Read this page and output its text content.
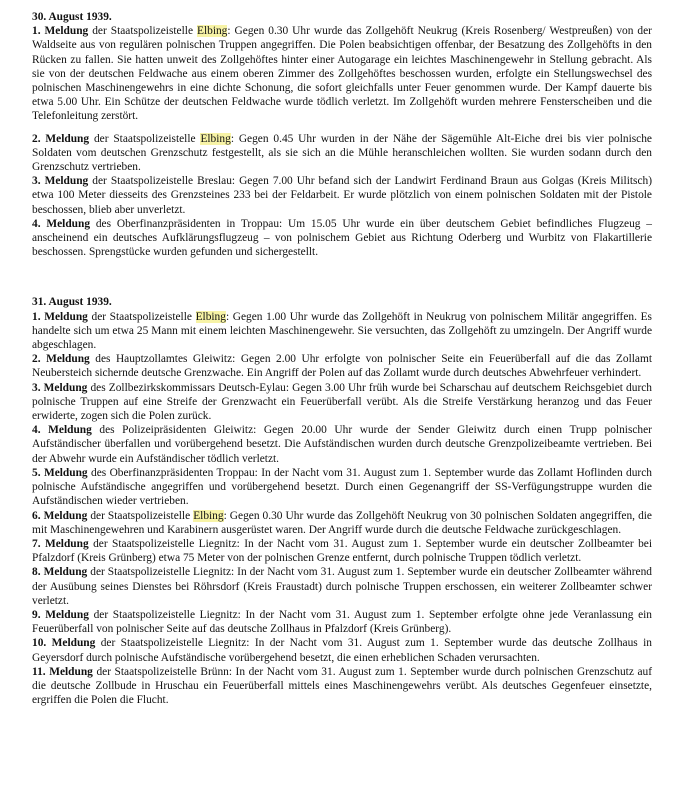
30. August 1939.

1. Meldung der Staatspolizeistelle Elbing: Gegen 0.30 Uhr wurde das Zollgehöft Neukrug (Kreis Rosenberg/ Westpreußen) von der Waldseite aus von regulären polnischen Truppen angegriffen. Die Polen beabsichtigen offenbar, der Besatzung des Zollgehöfts in den Rücken zu fallen. Sie hatten unweit des Zollgehöftes hinter einer Autogarage ein leichtes Maschinengewehr in Stellung gebracht. Als sie von der deutschen Feldwache aus einem oberen Zimmer des Zollgehöftes beschossen wurden, erfolgte ein Stellungswechsel des polnischen Maschinengewehrs in eine dichte Schonung, die sofort gleichfalls unter Feuer genommen wurde. Der Kampf dauerte bis etwa 5.00 Uhr. Ein Schütze der deutschen Feldwache wurde tödlich verletzt. Im Zollgehöft wurden mehrere Fensterscheiben und die Telefonleitung zerstört.

2. Meldung der Staatspolizeistelle Elbing: Gegen 0.45 Uhr wurden in der Nähe der Sägemühle Alt-Eiche drei bis vier polnische Soldaten vom deutschen Grenzschutz festgestellt, als sie sich an die Mühle heranschleichen wollten. Sie wurden sodann durch den Grenzschutz vertrieben.

3. Meldung der Staatspolizeistelle Breslau: Gegen 7.00 Uhr befand sich der Landwirt Ferdinand Braun aus Golgas (Kreis Militsch) etwa 100 Meter diesseits des Grenzsteines 233 bei der Feldarbeit. Er wurde plötzlich von einem polnischen Soldaten mit der Pistole beschossen, blieb aber unverletzt.

4. Meldung des Oberfinanzpräsidenten in Troppau: Um 15.05 Uhr wurde ein über deutschem Gebiet befindliches Flugzeug – anscheinend ein deutsches Aufklärungsflugzeug – von polnischem Gebiet aus Richtung Oderberg und Wurbitz von Flakartillerie beschossen. Sprengstücke wurden gefunden und sichergestellt.

31. August 1939.

1. Meldung der Staatspolizeistelle Elbing: Gegen 1.00 Uhr wurde das Zollgehöft in Neukrug von polnischem Militär angegriffen. Es handelte sich um etwa 25 Mann mit einem leichten Maschinengewehr. Sie versuchten, das Zollgehöft zu umzingeln. Der Angriff wurde abgeschlagen.

2. Meldung des Hauptzollamtes Gleiwitz: Gegen 2.00 Uhr erfolgte von polnischer Seite ein Feuerüberfall auf die das Zollamt Neubersteich sichernde deutsche Grenzwache. Ein Angriff der Polen auf das Zollamt wurde durch deutsches Abwehrfeuer verhindert.

3. Meldung des Zollbezirkskommissars Deutsch-Eylau: Gegen 3.00 Uhr früh wurde bei Scharschau auf deutschem Reichsgebiet durch polnische Truppen auf eine Streife der Grenzwacht ein Feuerüberfall verübt. Als die Streife Verstärkung heranzog und das Feuer erwiderte, zogen sich die Polen zurück.

4. Meldung des Polizeipräsidenten Gleiwitz: Gegen 20.00 Uhr wurde der Sender Gleiwitz durch einen Trupp polnischer Aufständischer überfallen und vorübergehend besetzt. Die Aufständischen wurden durch deutsche Grenzpolizeibeamte vertrieben. Bei der Abwehr wurde ein Aufständischer tödlich verletzt.

5. Meldung des Oberfinanzpräsidenten Troppau: In der Nacht vom 31. August zum 1. September wurde das Zollamt Hoflinden durch polnische Aufständische angegriffen und vorübergehend besetzt. Durch einen Gegenangriff der SS-Verfügungstruppe wurden die Aufständischen wieder vertrieben.

6. Meldung der Staatspolizeistelle Elbing: Gegen 0.30 Uhr wurde das Zollgehöft Neukrug von 30 polnischen Soldaten angegriffen, die mit Maschinengewehren und Karabinern ausgerüstet waren. Der Angriff wurde durch die deutsche Feldwache zurückgeschlagen.

7. Meldung der Staatspolizeistelle Liegnitz: In der Nacht vom 31. August zum 1. September wurde ein deutscher Zollbeamter bei Pfalzdorf (Kreis Grünberg) etwa 75 Meter von der polnischen Grenze entfernt, durch polnische Truppen tödlich verletzt.

8. Meldung der Staatspolizeistelle Liegnitz: In der Nacht vom 31. August zum 1. September wurde ein deutscher Zollbeamter während der Ausübung seines Dienstes bei Röhrsdorf (Kreis Fraustadt) durch polnische Truppen erschossen, ein weiterer Zollbeamter schwer verletzt.

9. Meldung der Staatspolizeistelle Liegnitz: In der Nacht vom 31. August zum 1. September erfolgte ohne jede Veranlassung ein Feuerüberfall von polnischer Seite auf das deutsche Zollhaus in Pfalzdorf (Kreis Grünberg).

10. Meldung der Staatspolizeistelle Liegnitz: In der Nacht vom 31. August zum 1. September wurde das deutsche Zollhaus in Geyersdorf durch polnische Aufständische vorübergehend besetzt, die einen erheblichen Schaden verursachten.

11. Meldung der Staatspolizeistelle Brünn: In der Nacht vom 31. August zum 1. September wurde durch polnischen Grenzschutz auf die deutsche Zollbude in Hruschau ein Feuerüberfall mittels eines Maschinengewehrs verübt. Als deutsches Gegenfeuer einsetzte, ergriffen die Polen die Flucht.
